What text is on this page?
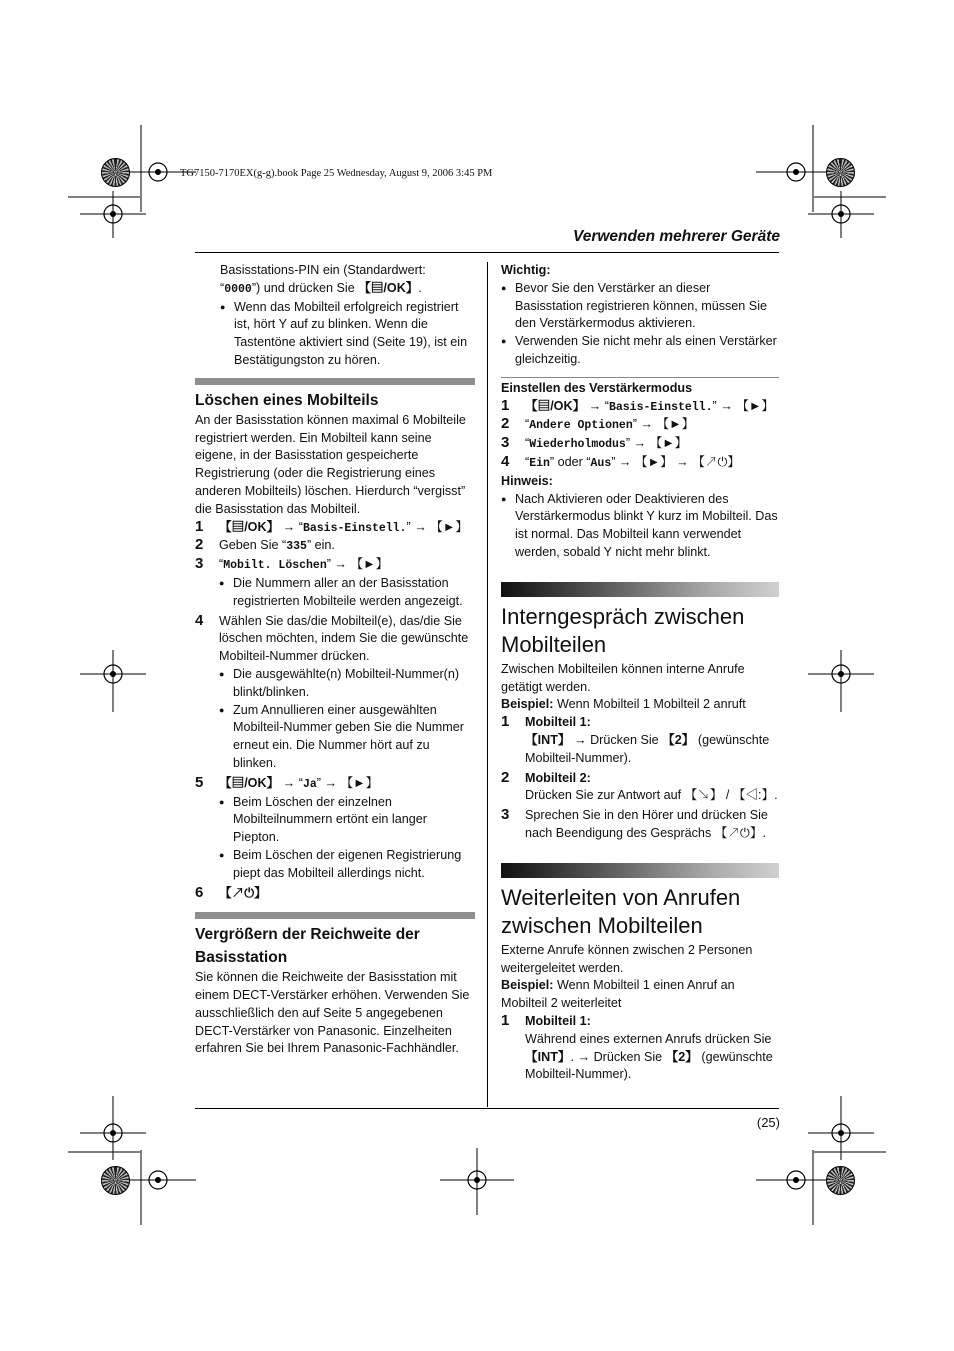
TG7150-7170EX(g-g).book Page 25 Wednesday, August 9, 2006 3:45 PM
Verwenden mehrerer Geräte

Basisstations-PIN ein (Standardwert:

“0000”) und drücken Sie 【▤/OK】.

● Wenn das Mobilteil erfolgreich registriert ist, hört Y auf zu blinken. Wenn die Tastentöne aktiviert sind (Seite 19), ist ein Bestätigungston zu hören.

Löschen eines Mobilteils

An der Basisstation können maximal 6 Mobilteile registriert werden. Ein Mobilteil kann seine eigene, in der Basisstation gespeicherte Registrierung (oder die Registrierung eines anderen Mobilteils) löschen. Hierdurch “vergisst” die Basisstation das Mobilteil.

1 【▤/OK】 → “Basis-Einstell.” → 【►】
2 Geben Sie “335” ein.
3 “Mobilt. Löschen” → 【►】

● Die Nummern aller an der Basisstation registrierten Mobilteile werden angezeigt.

4 Wählen Sie das/die Mobilteil(e), das/die Sie löschen möchten, indem Sie die gewünschte Mobilteil-Nummer drücken.

● Die ausgewählte(n) Mobilteil-Nummer(n) blinkt/blinken.

● Zum Annullieren einer ausgewählten Mobilteil-Nummer geben Sie die Nummer erneut ein. Die Nummer hört auf zu blinken.

5 【▤/OK】 → “Ja” → 【►】

● Beim Löschen der einzelnen Mobilteilnummern ertönt ein langer Piepton.

● Beim Löschen der eigenen Registrierung piept das Mobilteil allerdings nicht.

6 【↗⏻】
Vergrößern der Reichweite der Basisstation

Sie können die Reichweite der Basisstation mit einem DECT-Verstärker erhöhen. Verwenden Sie ausschließlich den auf Seite 5 angegebenen DECT-Verstärker von Panasonic. Einzelheiten erfahren Sie bei Ihrem Panasonic-Fachhändler.

Wichtig:

● Bevor Sie den Verstärker an dieser Basisstation registrieren können, müssen Sie den Verstärkermodus aktivieren.

● Verwenden Sie nicht mehr als einen Verstärker gleichzeitig.

Einstellen des Verstärkermodus

1 【▤/OK】 → “Basis-Einstell.” → 【►】
2 “Andere Optionen” → 【►】
3 “Wiederholmodus” → 【►】
4 “Ein” oder “Aus” → 【►】 → 【↗⏻】

Hinweis:

● Nach Aktivieren oder Deaktivieren des Verstärkermodus blinkt Y kurz im Mobilteil. Das ist normal. Das Mobilteil kann verwendet werden, sobald Y nicht mehr blinkt.

Interngespräch zwischen Mobilteilen

Zwischen Mobilteilen können interne Anrufe getätigt werden.

Beispiel: Wenn Mobilteil 1 Mobilteil 2 anruft

1 Mobilteil 1:
【INT】 → Drücken Sie 【2】 (gewünschte Mobilteil-Nummer).
2 Mobilteil 2:
Drücken Sie zur Antwort auf 【↘】 / 【◁:】.
3 Sprechen Sie in den Hörer und drücken Sie nach Beendigung des Gesprächs 【↗⏻】.
Weiterleiten von Anrufen zwischen Mobilteilen

Externe Anrufe können zwischen 2 Personen weitergeleitet werden.

Beispiel: Wenn Mobilteil 1 einen Anruf an Mobilteil 2 weiterleitet

1 Mobilteil 1:
Während eines externen Anrufs drücken Sie 【INT】. → Drücken Sie 【2】 (gewünschte Mobilteil-Nummer).
(25)
